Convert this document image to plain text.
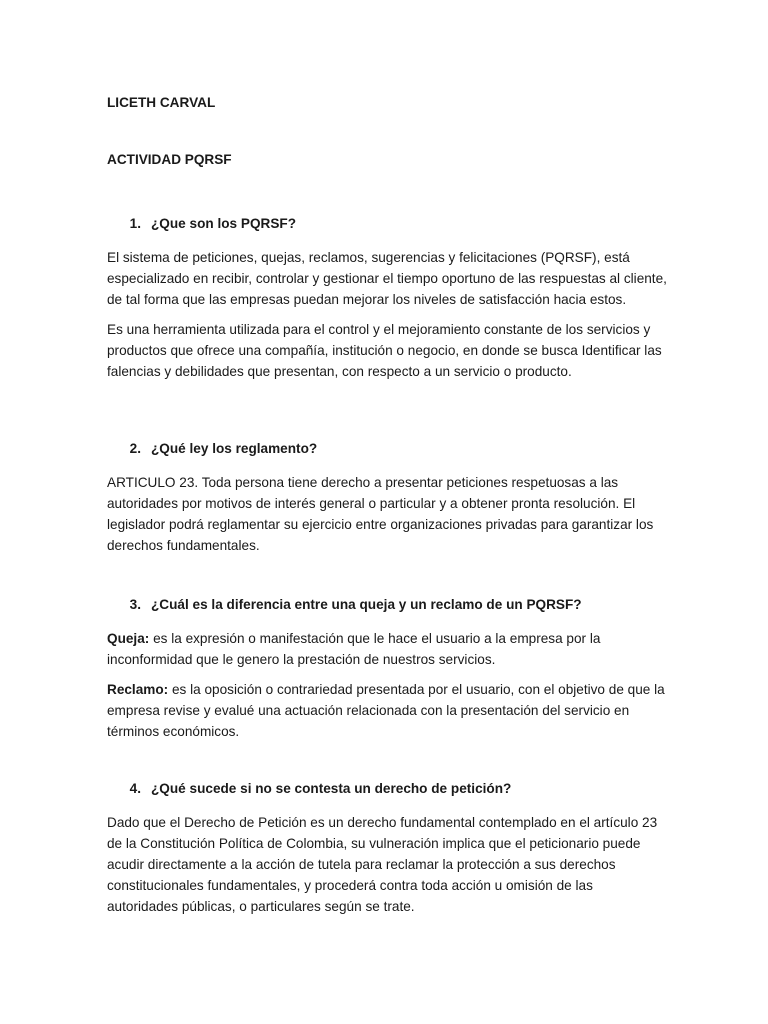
LICETH CARVAL

ACTIVIDAD PQRSF

1. ¿Que son los PQRSF?

El sistema de peticiones, quejas, reclamos, sugerencias y felicitaciones (PQRSF), está especializado en recibir, controlar y gestionar el tiempo oportuno de las respuestas al cliente, de tal forma que las empresas puedan mejorar los niveles de satisfacción hacia estos.

Es una herramienta utilizada para el control y el mejoramiento constante de los servicios y productos que ofrece una compañía, institución o negocio, en donde se busca Identificar las falencias y debilidades que presentan, con respecto a un servicio o producto.

2. ¿Qué ley los reglamento?

ARTICULO 23. Toda persona tiene derecho a presentar peticiones respetuosas a las autoridades por motivos de interés general o particular y a obtener pronta resolución. El legislador podrá reglamentar su ejercicio entre organizaciones privadas para garantizar los derechos fundamentales.

3. ¿Cuál es la diferencia entre una queja y un reclamo de un PQRSF?

Queja: es la expresión o manifestación que le hace el usuario a la empresa por la inconformidad que le genero la prestación de nuestros servicios.

Reclamo: es la oposición o contrariedad presentada por el usuario, con el objetivo de que la empresa revise y evalué una actuación relacionada con la presentación del servicio en términos económicos.

4. ¿Qué sucede si no se contesta un derecho de petición?

Dado que el Derecho de Petición es un derecho fundamental contemplado en el artículo 23 de la Constitución Política de Colombia, su vulneración implica que el peticionario puede acudir directamente a la acción de tutela para reclamar la protección a sus derechos constitucionales fundamentales, y procederá contra toda acción u omisión de las autoridades públicas, o particulares según se trate.
